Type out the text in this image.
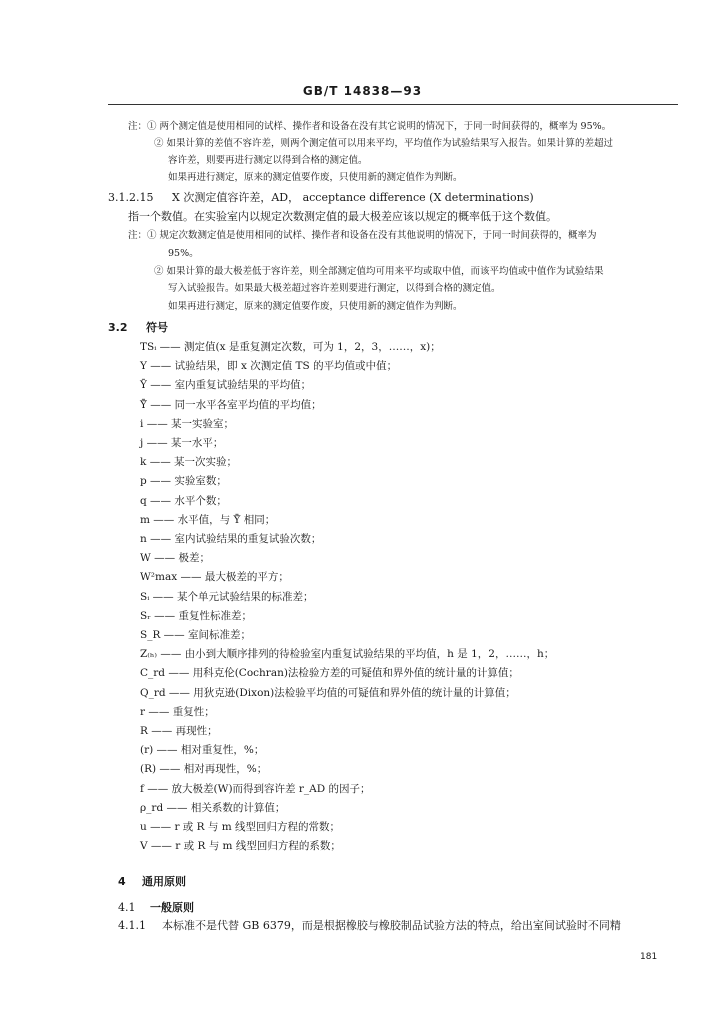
GB/T 14838—93
注：① 两个测定值是使用相同的试样、操作者和设备在没有其它说明的情况下，于同一时间获得的，概率为 95%。
② 如果计算的差值不容许差，则两个测定值可以用来平均，平均值作为试验结果写入报告。如果计算的差超过
容许差，则要再进行测定以得到合格的测定值。
如果再进行测定，原来的测定值要作废，只使用新的测定值作为判断。
3.1.2.15 X 次测定值容许差，AD， acceptance difference (X determinations)
指一个数值。在实验室内以规定次数测定值的最大极差应该以规定的概率低于这个数值。
注：① 规定次数测定值是使用相同的试样、操作者和设备在没有其他说明的情况下，于同一时间获得的，概率为
95%。
② 如果计算的最大极差低于容许差，则全部测定值均可用来平均或取中值，而该平均值或中值作为试验结果
写入试验报告。如果最大极差超过容许差则要进行测定，以得到合格的测定值。
如果再进行测定，原来的测定值要作废，只使用新的测定值作为判断。
3.2 符号
TSᵢ —— 测定值(x 是重复测定次数，可为 1，2，3，……，x)；
Y —— 试验结果，即 x 次测定值 TS 的平均值或中值；
Ȳ —— 室内重复试验结果的平均值；
Ȳ̄ —— 同一水平各室平均值的平均值；
i —— 某一实验室；
j —— 某一水平；
k —— 某一次实验；
p —— 实验室数；
q —— 水平个数；
m —— 水平值，与 Ȳ̄ 相同；
n —— 室内试验结果的重复试验次数；
W —— 极差；
W²max —— 最大极差的平方；
Sᵢ —— 某个单元试验结果的标准差；
Sᵣ —— 重复性标准差；
S_R —— 室间标准差；
Z₍ₕ₎ —— 由小到大顺序排列的待检验室内重复试验结果的平均值，h 是 1，2，……，h；
C_rd —— 用科克伦(Cochran)法检验方差的可疑值和界外值的统计量的计算值；
Q_rd —— 用狄克逊(Dixon)法检验平均值的可疑值和界外值的统计量的计算值；
r —— 重复性；
R —— 再现性；
(r) —— 相对重复性，%；
(R) —— 相对再现性，%；
f —— 放大极差(W)而得到容许差 r_AD 的因子；
ρ_rd —— 相关系数的计算值；
u —— r 或 R 与 m 线型回归方程的常数；
V —— r 或 R 与 m 线型回归方程的系数；
4 通用原则
4.1 一般原则
4.1.1 本标准不是代替 GB 6379，而是根据橡胶与橡胶制品试验方法的特点，给出室间试验时不同精
181
